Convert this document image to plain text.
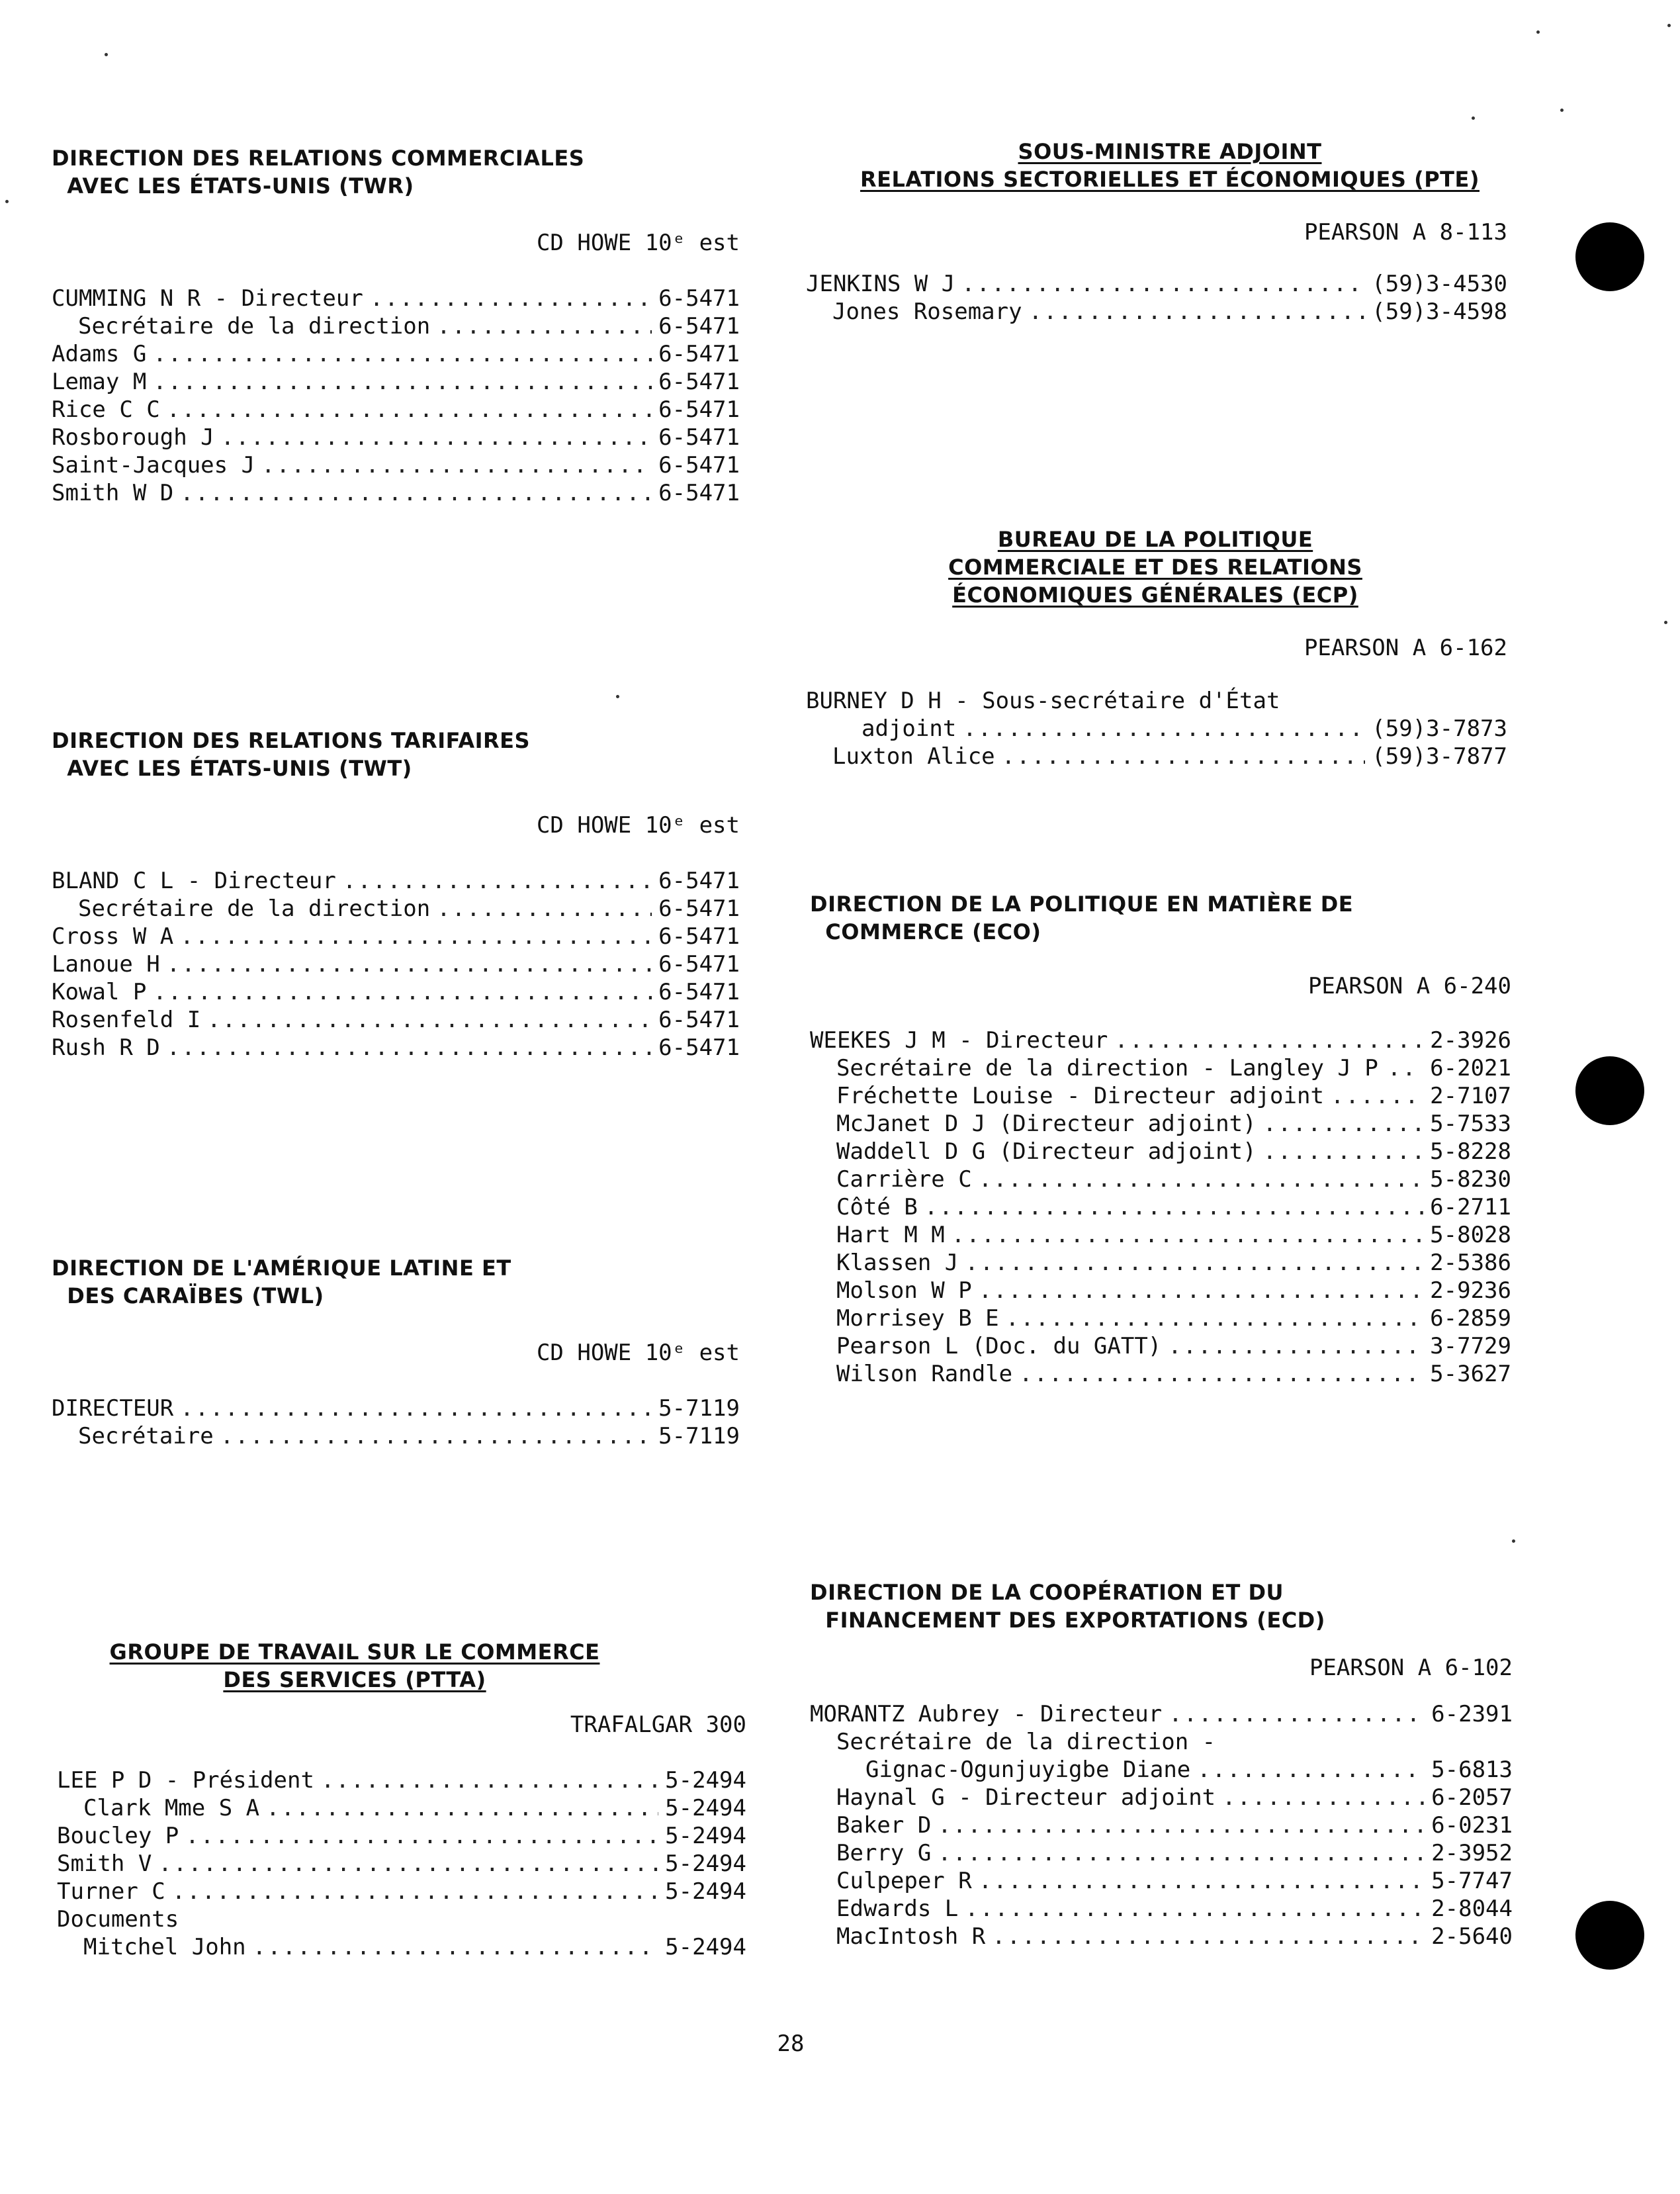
DIRECTION DES RELATIONS COMMERCIALES
AVEC LES ÉTATS-UNIS (TWR)
CD HOWE 10ᵉ est
CUMMING N R - Directeur .....	6-5471
Secrétaire de la direction .....	6-5471
Adams G .....	6-5471
Lemay M .....	6-5471
Rice C C .....	6-5471
Rosborough J .....	6-5471
Saint-Jacques J .....	6-5471
Smith W D .....	6-5471
DIRECTION DES RELATIONS TARIFAIRES
AVEC LES ÉTATS-UNIS (TWT)
CD HOWE 10ᵉ est
BLAND C L - Directeur .....	6-5471
Secrétaire de la direction .....	6-5471
Cross W A .....	6-5471
Lanoue H .....	6-5471
Kowal P .....	6-5471
Rosenfeld I .....	6-5471
Rush R D .....	6-5471
DIRECTION DE L'AMÉRIQUE LATINE ET
DES CARAÏBES (TWL)
CD HOWE 10ᵉ est
DIRECTEUR .....	5-7119
Secrétaire .....	5-7119
GROUPE DE TRAVAIL SUR LE COMMERCE
DES SERVICES (PTTA)
TRAFALGAR 300
LEE P D - Président .....	5-2494
Clark Mme S A .....	5-2494
Boucley P .....	5-2494
Smith V .....	5-2494
Turner C .....	5-2494
Documents
Mitchel John .....	5-2494
SOUS-MINISTRE ADJOINT
RELATIONS SECTORIELLES ET ÉCONOMIQUES (PTE)
PEARSON A 8-113
JENKINS W J .....	(59)3-4530
Jones Rosemary .....	(59)3-4598
BUREAU DE LA POLITIQUE
COMMERCIALE ET DES RELATIONS
ÉCONOMIQUES GÉNÉRALES (ECP)
PEARSON A 6-162
BURNEY D H - Sous-secrétaire d'État
adjoint .....	(59)3-7873
Luxton Alice .....	(59)3-7877
DIRECTION DE LA POLITIQUE EN MATIÈRE DE
COMMERCE (ECO)
PEARSON A 6-240
WEEKES J M - Directeur .....	2-3926
Secrétaire de la direction - Langley J P ..... 6-2021
Fréchette Louise - Directeur adjoint .....	2-7107
McJanet D J (Directeur adjoint) .....	5-7533
Waddell D G (Directeur adjoint) .....	5-8228
Carrière C .....	5-8230
Côté B .....	6-2711
Hart M M .....	5-8028
Klassen J .....	2-5386
Molson W P .....	2-9236
Morrisey B E .....	6-2859
Pearson L (Doc. du GATT) .....	3-7729
Wilson Randle .....	5-3627
DIRECTION DE LA COOPÉRATION ET DU
FINANCEMENT DES EXPORTATIONS (ECD)
PEARSON A 6-102
MORANTZ Aubrey - Directeur .....	6-2391
Secrétaire de la direction -
Gignac-Ogunjuyigbe Diane .....	5-6813
Haynal G - Directeur adjoint .....	6-2057
Baker D .....	6-0231
Berry G .....	2-3952
Culpeper R .....	5-7747
Edwards L .....	2-8044
MacIntosh R .....	2-5640
28
